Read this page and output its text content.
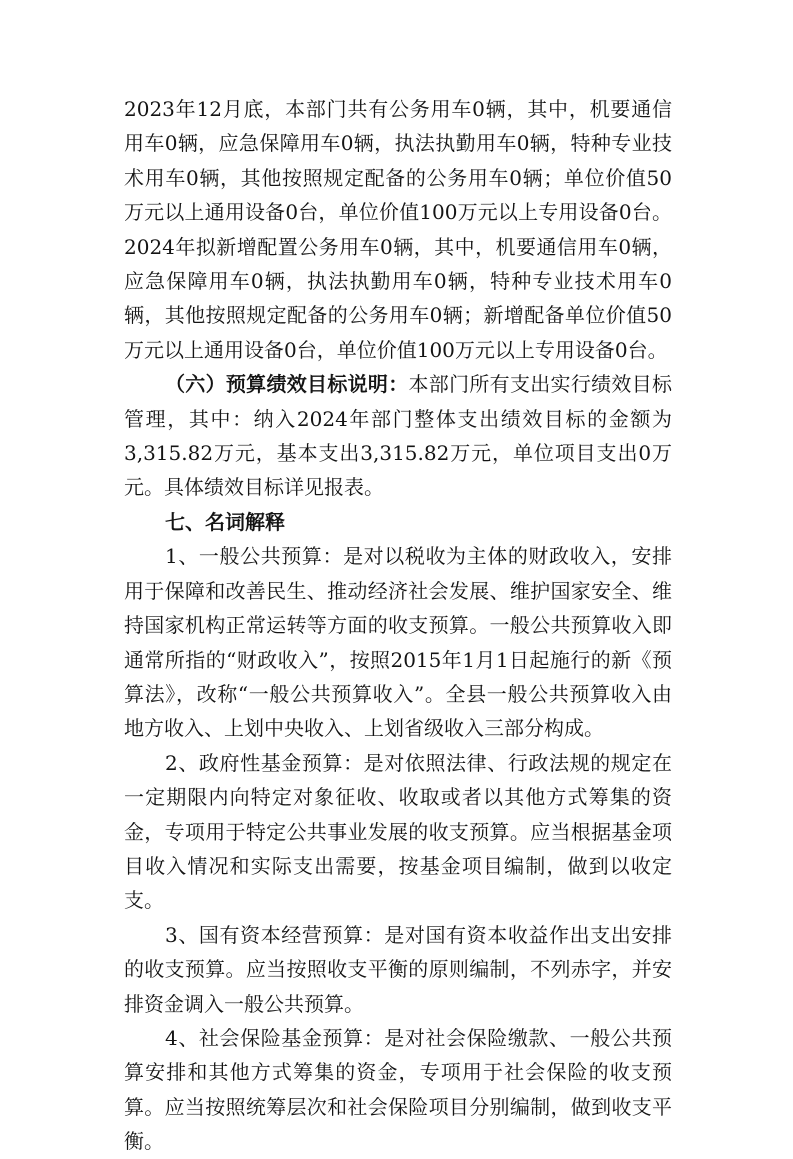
2023年12月底，本部门共有公务用车0辆，其中，机要通信用车0辆，应急保障用车0辆，执法执勤用车0辆，特种专业技术用车0辆，其他按照规定配备的公务用车0辆；单位价值50万元以上通用设备0台，单位价值100万元以上专用设备0台。2024年拟新增配置公务用车0辆，其中，机要通信用车0辆，应急保障用车0辆，执法执勤用车0辆，特种专业技术用车0辆，其他按照规定配备的公务用车0辆；新增配备单位价值50万元以上通用设备0台，单位价值100万元以上专用设备0台。

（六）预算绩效目标说明：本部门所有支出实行绩效目标管理，其中：纳入2024年部门整体支出绩效目标的金额为3,315.82万元，基本支出3,315.82万元，单位项目支出0万元。具体绩效目标详见报表。

七、名词解释

1、一般公共预算：是对以税收为主体的财政收入，安排用于保障和改善民生、推动经济社会发展、维护国家安全、维持国家机构正常运转等方面的收支预算。一般公共预算收入即通常所指的“财政收入”，按照2015年1月1日起施行的新《预算法》，改称“一般公共预算收入”。全县一般公共预算收入由地方收入、上划中央收入、上划省级收入三部分构成。

2、政府性基金预算：是对依照法律、行政法规的规定在一定期限内向特定对象征收、收取或者以其他方式筹集的资金，专项用于特定公共事业发展的收支预算。应当根据基金项目收入情况和实际支出需要，按基金项目编制，做到以收定支。

3、国有资本经营预算：是对国有资本收益作出支出安排的收支预算。应当按照收支平衡的原则编制，不列赤字，并安排资金调入一般公共预算。

4、社会保险基金预算：是对社会保险缴款、一般公共预算安排和其他方式筹集的资金，专项用于社会保险的收支预算。应当按照统筹层次和社会保险项目分别编制，做到收支平衡。
